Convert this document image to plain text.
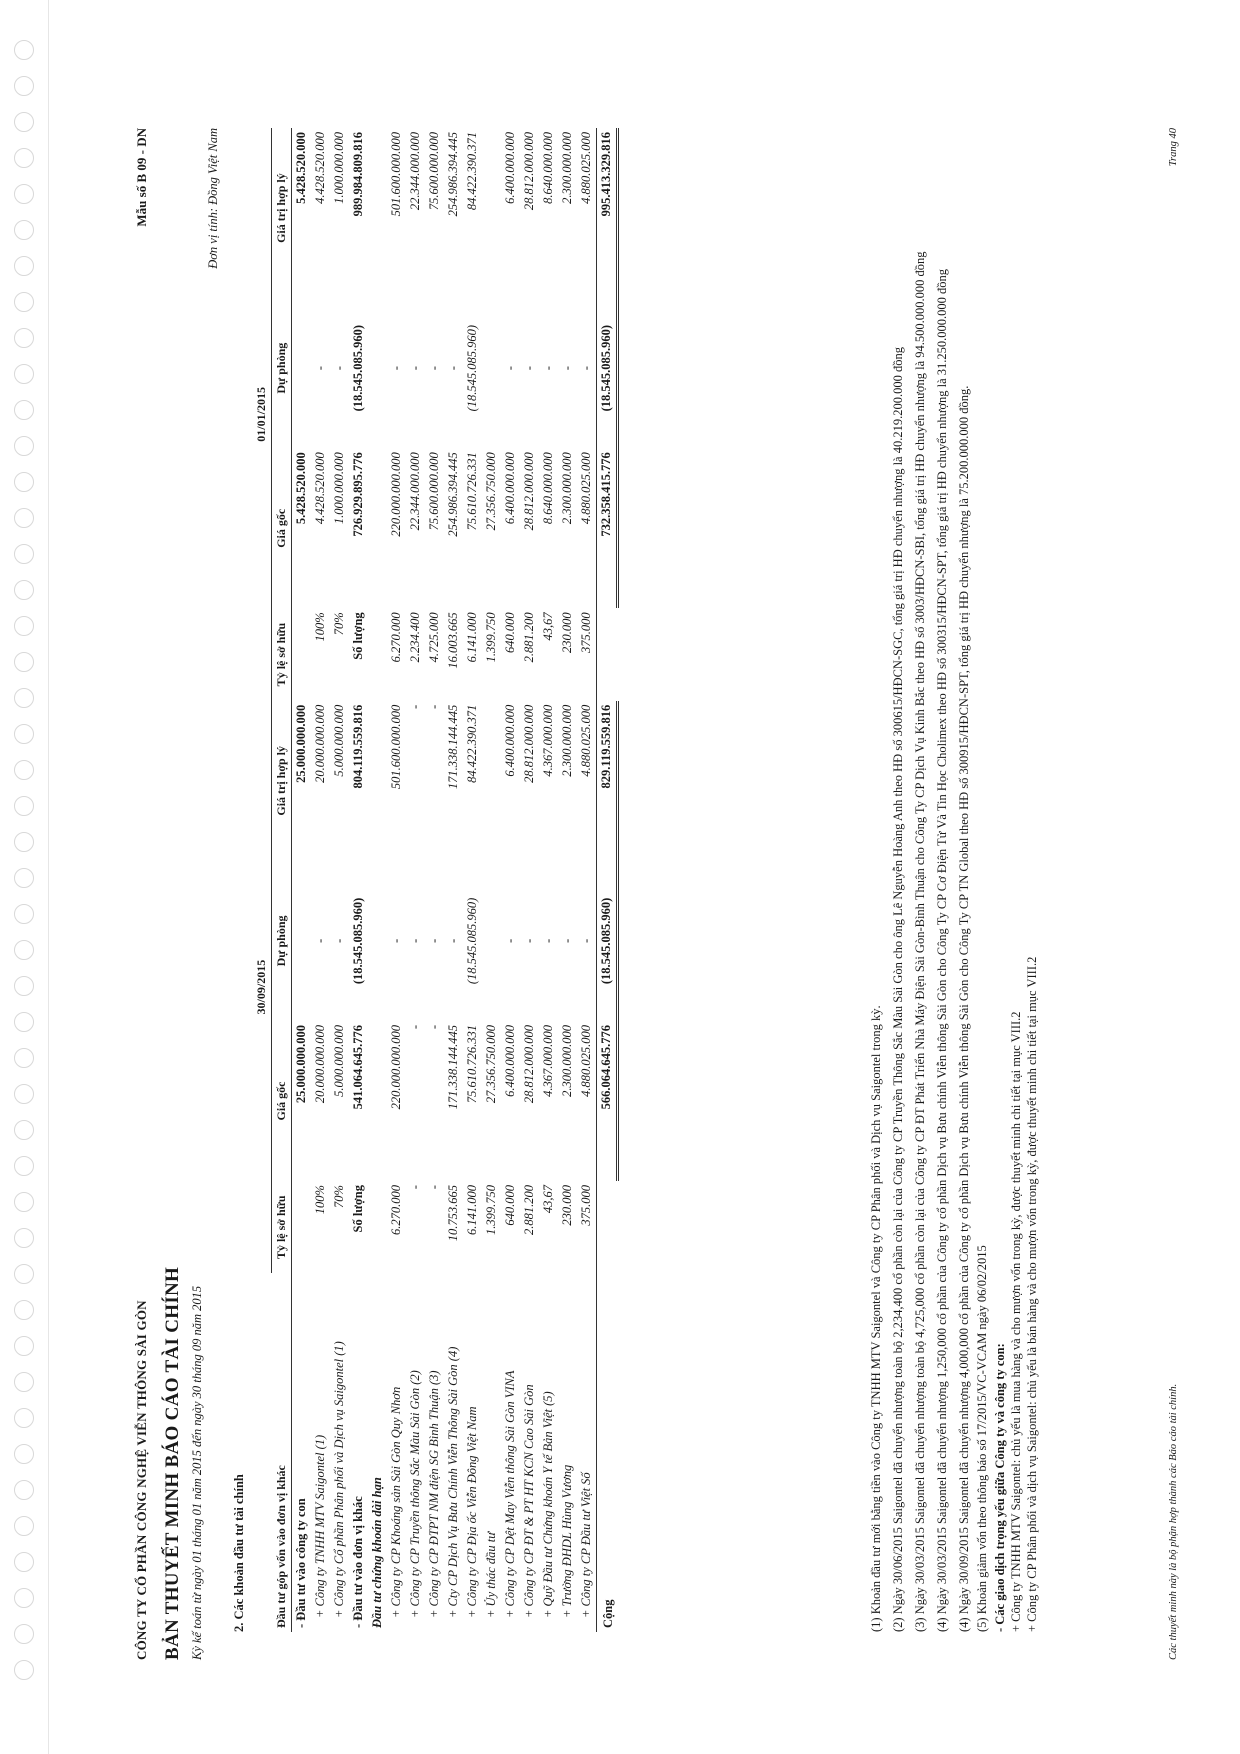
CÔNG TY CỔ PHẦN CÔNG NGHỆ VIỄN THÔNG SÀI GÒN
Mẫu số B 09 - DN
BẢN THUYẾT MINH BÁO CÁO TÀI CHÍNH Kỳ kế toán từ ngày 01 tháng 01 năm 2015 đến ngày 30 tháng 09 năm 2015
Đơn vị tính: Đồng Việt Nam
2. Các khoản đầu tư tài chính
	30/09/2015				01/01/2015			
Đầu tư góp vốn vào đơn vị khác	Tỷ lệ sở hữu	Giá gốc	Dự phòng	Giá trị hợp lý	Tỷ lệ sở hữu	Giá gốc	Dự phòng	Giá trị hợp lý
- Đầu tư vào công ty con		25.000.000.000		25.000.000.000		5.428.520.000		5.428.520.000
+ Công ty TNHH MTV Saigontel (1)	100%	20.000.000.000	-	20.000.000.000	100%	4.428.520.000	-	4.428.520.000
+ Công ty Cổ phần Phân phối và Dịch vụ Saigontel (1)	70%	5.000.000.000	-	5.000.000.000	70%	1.000.000.000	-	1.000.000.000
- Đầu tư vào đơn vị khác	Số lượng	541.064.645.776	(18.545.085.960)	804.119.559.816	Số lượng	726.929.895.776	(18.545.085.960)	989.984.809.816
Đầu tư chứng khoán dài hạn								
+ Công ty CP Khoáng sản Sài Gòn Quy Nhơn	6.270.000	220.000.000.000	-	501.600.000.000	6.270.000	220.000.000.000	-	501.600.000.000
+ Công ty CP Truyền thông Sắc Màu Sài Gòn (2)	-	-	-	-	2.234.400	22.344.000.000	-	22.344.000.000
+ Công ty CP ĐTPT NM điện SG Bình Thuận (3)	-	-	-	-	4.725.000	75.600.000.000	-	75.600.000.000
+ Cty CP Dịch Vụ Bưu Chính Viễn Thông Sài Gòn (4)	10.753.665	171.338.144.445	-	171.338.144.445	16.003.665	254.986.394.445	-	254.986.394.445
+ Công ty CP Địa ốc Viễn Đông Việt Nam	6.141.000	75.610.726.331	(18.545.085.960)	84.422.390.371	6.141.000	75.610.726.331	(18.545.085.960)	84.422.390.371
+ Ủy thác đầu tư	1.399.750	27.356.750.000			1.399.750	27.356.750.000		
+ Công ty CP Dệt May Viễn thông Sài Gòn VINA	640.000	6.400.000.000	-	6.400.000.000	640.000	6.400.000.000	-	6.400.000.000
+ Công ty CP ĐT & PT HT KCN Cao Sài Gòn	2.881.200	28.812.000.000	-	28.812.000.000	2.881.200	28.812.000.000	-	28.812.000.000
+ Quỹ Đầu tư Chứng khoán Y tế Bản Việt (5)	43,67	4.367.000.000	-	4.367.000.000	43,67	8.640.000.000	-	8.640.000.000
+ Trường ĐHDL Hùng Vương	230.000	2.300.000.000	-	2.300.000.000	230.000	2.300.000.000	-	2.300.000.000
+ Công ty CP Đầu tư Việt Số	375.000	4.880.025.000	-	4.880.025.000	375.000	4.880.025.000	-	4.880.025.000
Cộng		566.064.645.776	(18.545.085.960)	829.119.559.816		732.358.415.776	(18.545.085.960)	995.413.329.816

(1) Khoản đầu tư mới bằng tiền vào Công ty TNHH MTV Saigontel và Công ty CP Phân phối và Dịch vụ Saigontel trong kỳ. (2) Ngày 30/06/2015 Saigontel đã chuyển nhượng toàn bộ 2,234,400 cổ phần còn lại của Công ty CP Truyền Thông Sắc Màu Sài Gòn cho ông Lê Nguyễn Hoàng Anh theo HĐ số 300615/HĐCN-SGC, tổng giá trị HĐ chuyển nhượng là 40.219.200.000 đồng (3) Ngày 30/03/2015 Saigontel đã chuyển nhượng toàn bộ 4,725,000 cổ phần còn lại của Công ty CP ĐT Phát Triển Nhà Máy Điện Sài Gòn-Bình Thuận cho Công Ty CP Dịch Vụ Kinh Bắc theo HĐ số 3003/HĐCN-SBI, tổng giá trị HĐ chuyển nhượng là 94.500.000.000 đồng (4) Ngày 30/03/2015 Saigontel đã chuyển nhượng 1,250,000 cổ phần của Công ty cổ phần Dịch vụ Bưu chính Viễn thông Sài Gòn cho Công Ty CP Cơ Điện Tử Và Tin Học Cholimex theo HĐ số 300315/HĐCN-SPT, tổng giá trị HĐ chuyển nhượng là 31.250.000.000 đồng (4) Ngày 30/09/2015 Saigontel đã chuyển nhượng 4,000,000 cổ phần của Công ty cổ phần Dịch vụ Bưu chính Viễn thông Sài Gòn cho Công Ty CP TN Global theo HĐ số 300915/HĐCN-SPT, tổng giá trị HĐ chuyển nhượng là 75.200.000.000 đồng. (5) Khoản giảm vốn theo thông báo số 17/2015/VC-VCAM ngày 06/02/2015 - Các giao dịch trọng yếu giữa Công ty và công ty con: + Công ty TNHH MTV Saigontel: chủ yếu là mua hàng và cho mượn vốn trong kỳ, được thuyết minh chi tiết tại mục VIII.2 + Công ty CP Phân phối và dịch vụ Saigontel: chủ yếu là bán hàng và cho mượn vốn trong kỳ, được thuyết minh chi tiết tại mục VIII.2	Các thuyết minh này là bộ phận hợp thành các Báo cáo tài chính.
Trang 40
